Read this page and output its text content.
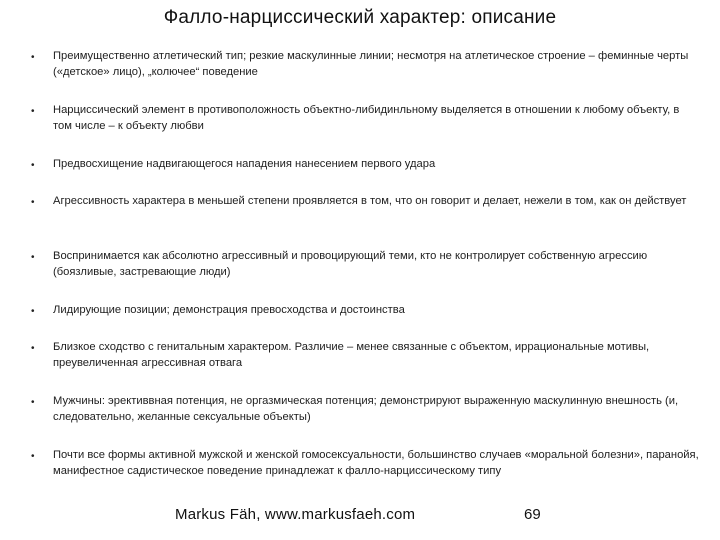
Фалло-нарциссический характер: описание
• Преимущественно атлетический тип; резкие маскулинные линии; несмотря на атлетическое строение – феминные черты («детское» лицо), „колючее“ поведение
• Нарциссический элемент в противоположность объектно-либидинльному выделяется в отношении к любому объекту, в том числе – к объекту любви
• Предвосхищение надвигающегося нападения нанесением первого удара
• Агрессивность характера в меньшей степени проявляется в том, что он говорит и делает, нежели в том, как он действует
• Воспринимается как абсолютно агрессивный и провоцирующий теми, кто не контролирует собственную агрессию (боязливые, застревающие люди)
• Лидирующие позиции; демонстрация превосходства и достоинства
• Близкое сходство с генитальным характером. Различие – менее связанные с объектом, иррациональные мотивы, преувеличенная агрессивная отвага
• Мужчины: эрективвная потенция, не оргазмическая потенция; демонстрируют выраженную маскулинную внешность (и, следовательно, желанные сексуальные объекты)
• Почти все формы активной мужской и женской гомосексуальности, большинство случаев «моральной болезни», паранойя, манифестное садистическое поведение принадлежат к фалло-нарциссическому типу
Markus Fäh, www.markusfaeh.com	69
